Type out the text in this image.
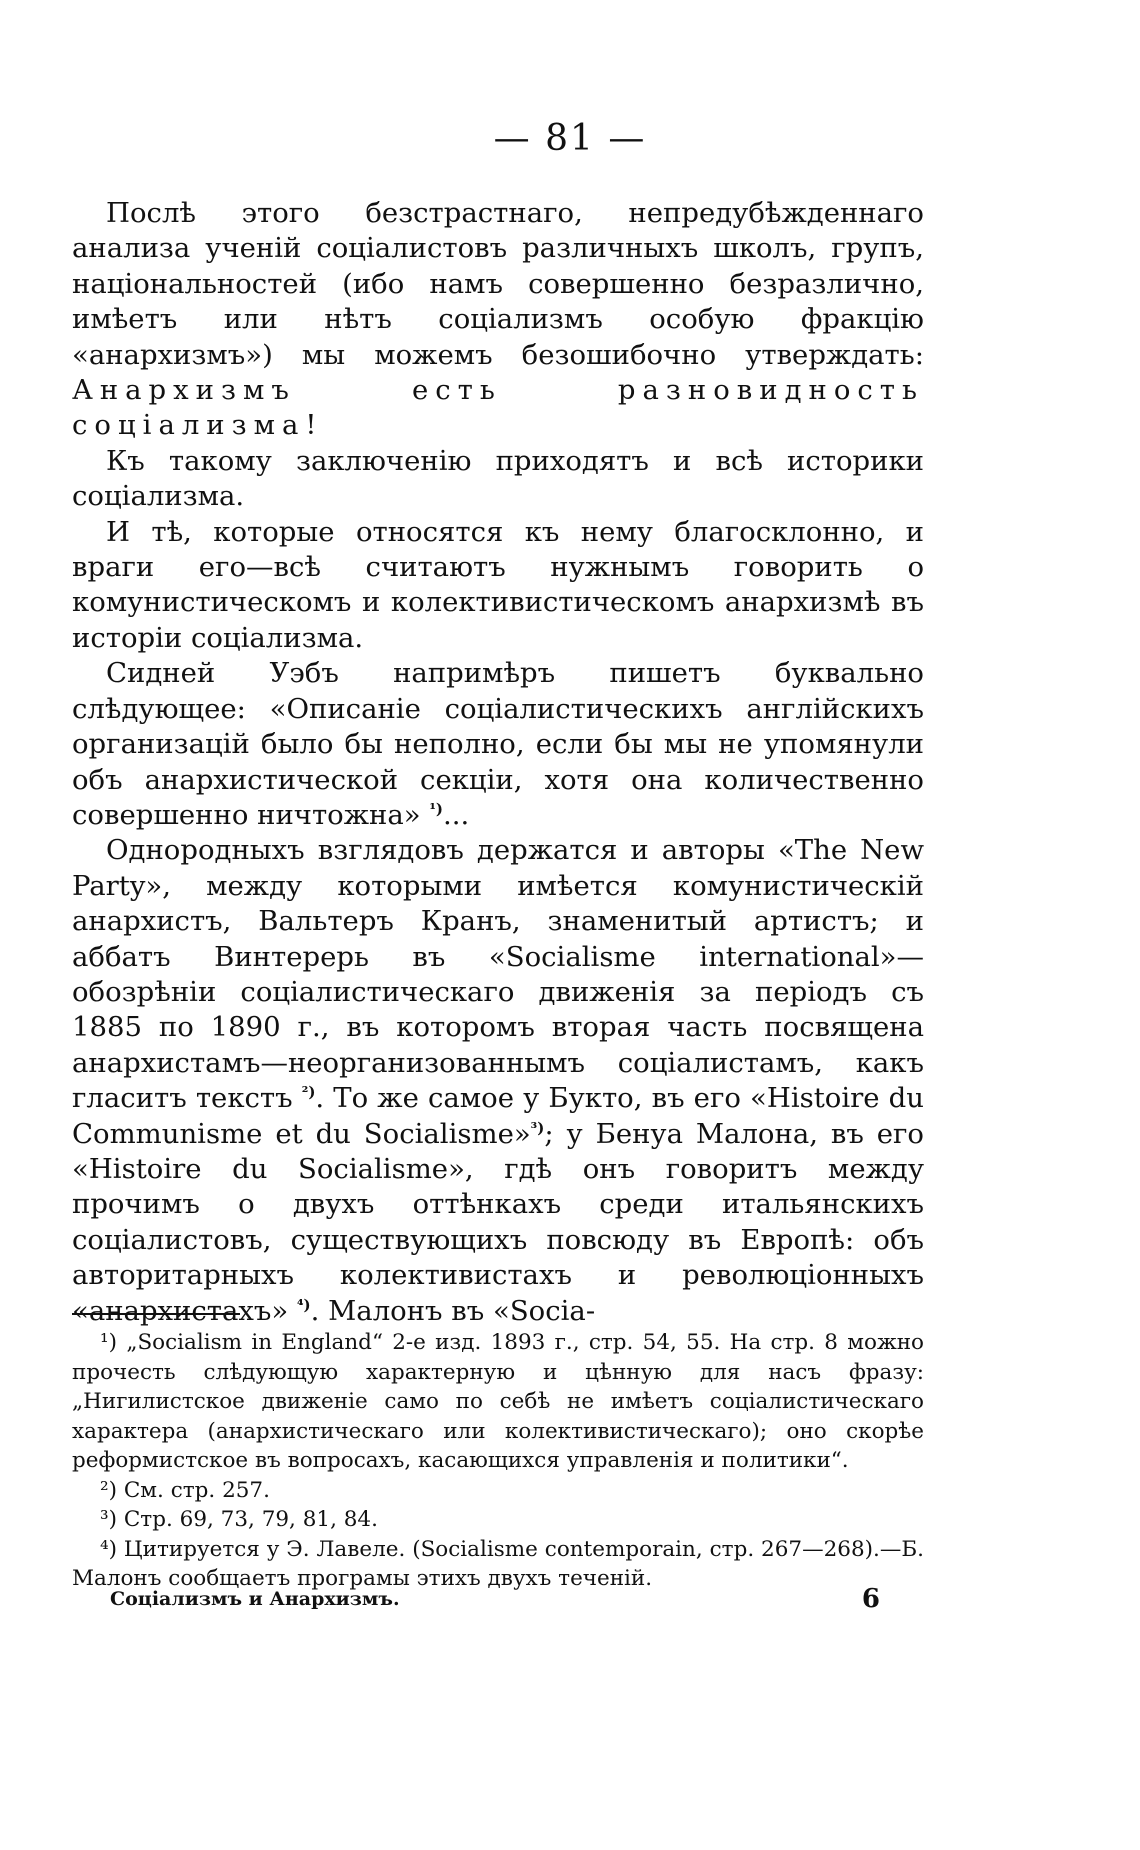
— 81 —

Послѣ этого безстрастнаго, непредубѣжденнаго анализа ученій соціалистовъ различныхъ школъ, групъ, національностей (ибо намъ совершенно безразлично, имѣетъ или нѣтъ соціализмъ особую фракцію «анархизмъ») мы можемъ безошибочно утверждать: Анархизмъ есть разновидность соціализма!

Къ такому заключенію приходятъ и всѣ историки соціализма.

И тѣ, которые относятся къ нему благосклонно, и враги его—всѣ считаютъ нужнымъ говорить о комунистическомъ и колективистическомъ анархизмѣ въ исторіи соціализма.

Сидней Уэбъ напримѣръ пишетъ буквально слѣдующее: «Описаніе соціалистическихъ англійскихъ организацій было бы неполно, если бы мы не упомянули объ анархистической секціи, хотя она количественно совершенно ничтожна» $^{^1)}$...

Однородныхъ взглядовъ держатся и авторы «The New Party», между которыми имѣется комунистическій анархистъ, Вальтеръ Кранъ, знаменитый артистъ; и аббатъ Винтерерь въ «Socialisme international»—обозрѣніи соціалистическаго движенія за періодъ съ 1885 по 1890 г., въ которомъ вторая часть посвящена анархистамъ—неорганизованнымъ соціалистамъ, какъ гласитъ текстъ $^{^2)}$. То же самое у Букто, въ его «Histoire du Communisme et du Socialisme»$^{^3)}$; у Бенуа Малона, въ его «Histoire du Socialisme», гдѣ онъ говоритъ между прочимъ о двухъ оттѣнкахъ среди итальянскихъ соціалистовъ, существующихъ повсюду въ Европѣ: объ авторитарныхъ колективистахъ и революціонныхъ «анархистахъ» $^{^4)}$. Малонъ въ «Socia-

¹) „Socialism in England“ 2-е изд. 1893 г., стр. 54, 55. На стр. 8 можно прочесть слѣдующую характерную и цѣнную для насъ фразу: „Нигилистское движеніе само по себѣ не имѣетъ соціалистическаго характера (анархистическаго или колективистическаго); оно скорѣе реформистское въ вопросахъ, касающихся управленія и политики“.

²) См. стр. 257.

³) Стр. 69, 73, 79, 81, 84.

⁴) Цитируется у Э. Лавеле. (Socialisme contemporain, стр. 267—268).—Б. Малонъ сообщаетъ програмы этихъ двухъ теченій.

Соціализмъ и Анархизмъ.	6
